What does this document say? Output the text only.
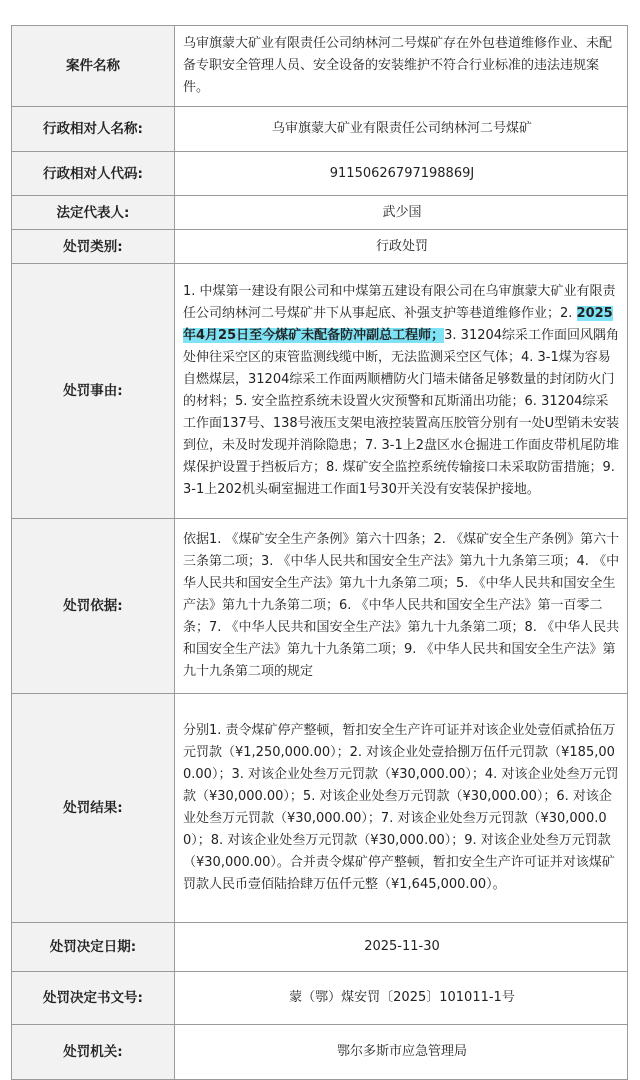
案件名称	乌审旗蒙大矿业有限责任公司纳林河二号煤矿存在外包巷道维修作业、未配备专职安全管理人员、安全设备的安装维护不符合行业标准的违法违规案件。
行政相对人名称:	乌审旗蒙大矿业有限责任公司纳林河二号煤矿
行政相对人代码:	91150626797198869J
法定代表人:	武少国
处罚类别:	行政处罚
处罚事由:	1. 中煤第一建设有限公司和中煤第五建设有限公司在乌审旗蒙大矿业有限责任公司纳林河二号煤矿井下从事起底、补强支护等巷道维修作业；2. 2025年4月25日至今煤矿未配备防冲副总工程师；3. 31204综采工作面回风隅角处伸往采空区的束管监测线缆中断，无法监测采空区气体；4. 3-1煤为容易自燃煤层，31204综采工作面两顺槽防火门墙未储备足够数量的封闭防火门的材料；5. 安全监控系统未设置火灾预警和瓦斯涌出功能；6. 31204综采工作面137号、138号液压支架电液控装置高压胶管分别有一处U型销未安装到位，未及时发现并消除隐患；7. 3-1上2盘区水仓掘进工作面皮带机尾防堆煤保护设置于挡板后方；8. 煤矿安全监控系统传输接口未采取防雷措施；9. 3-1上202机头硐室掘进工作面1号30开关没有安装保护接地。
处罚依据:	依据1. 《煤矿安全生产条例》第六十四条；2. 《煤矿安全生产条例》第六十三条第二项；3. 《中华人民共和国安全生产法》第九十九条第三项；4. 《中华人民共和国安全生产法》第九十九条第二项；5. 《中华人民共和国安全生产法》第九十九条第二项；6. 《中华人民共和国安全生产法》第一百零二条；7. 《中华人民共和国安全生产法》第九十九条第二项；8. 《中华人民共和国安全生产法》第九十九条第二项；9. 《中华人民共和国安全生产法》第九十九条第二项的规定
处罚结果:	分别1. 责令煤矿停产整顿，暂扣安全生产许可证并对该企业处壹佰贰拾伍万元罚款（¥1,250,000.00）；2. 对该企业处壹拾捌万伍仟元罚款（¥185,000.00）；3. 对该企业处叁万元罚款（¥30,000.00）；4. 对该企业处叁万元罚款（¥30,000.00）；5. 对该企业处叁万元罚款（¥30,000.00）；6. 对该企业处叁万元罚款（¥30,000.00）；7. 对该企业处叁万元罚款（¥30,000.00）；8. 对该企业处叁万元罚款（¥30,000.00）；9. 对该企业处叁万元罚款（¥30,000.00）。合并责令煤矿停产整顿，暂扣安全生产许可证并对该煤矿罚款人民币壹佰陆拾肆万伍仟元整（¥1,645,000.00）。
处罚决定日期:	2025-11-30
处罚决定书文号:	蒙（鄂）煤安罚〔2025〕101011-1号
处罚机关:	鄂尔多斯市应急管理局
